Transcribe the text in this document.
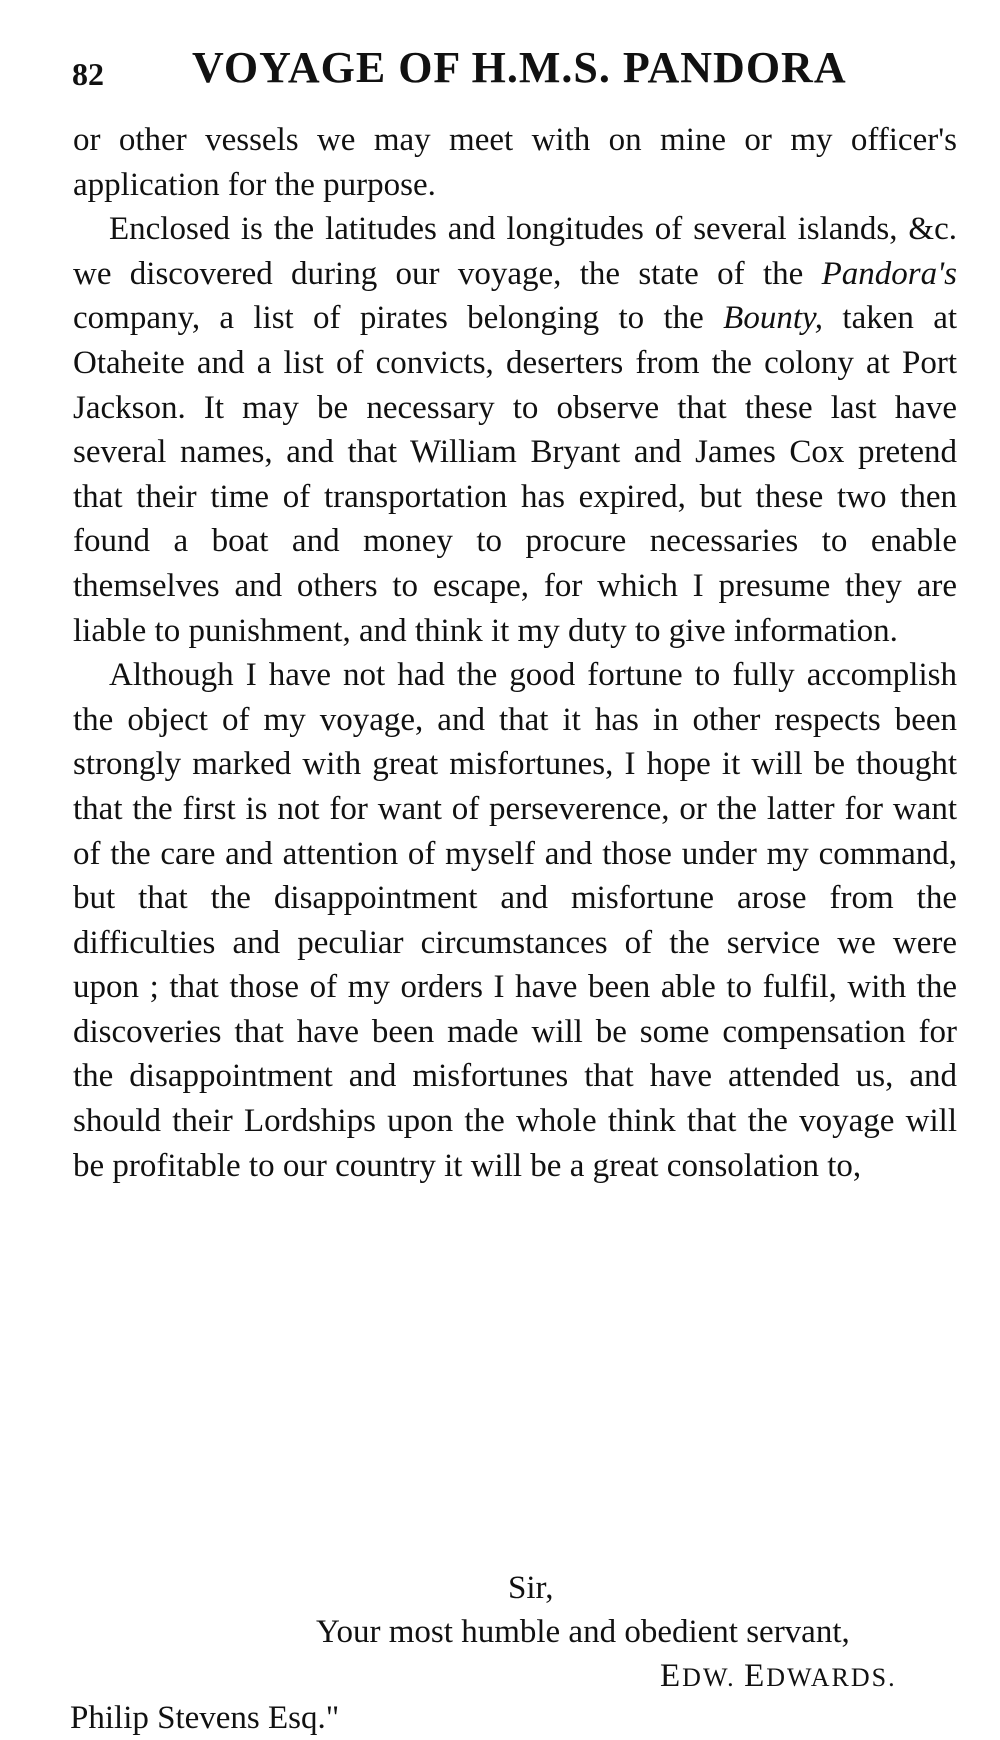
82 VOYAGE OF H.M.S. PANDORA

or other vessels we may meet with on mine or my officer's application for the purpose.

Enclosed is the latitudes and longitudes of several islands, &c. we discovered during our voyage, the state of the Pandora's company, a list of pirates belonging to the Bounty, taken at Otaheite and a list of convicts, deserters from the colony at Port Jackson. It may be necessary to observe that these last have several names, and that William Bryant and James Cox pretend that their time of transportation has expired, but these two then found a boat and money to procure necessaries to enable themselves and others to escape, for which I presume they are liable to punishment, and think it my duty to give information.

Although I have not had the good fortune to fully accomplish the object of my voyage, and that it has in other respects been strongly marked with great misfortunes, I hope it will be thought that the first is not for want of perseverence, or the latter for want of the care and attention of myself and those under my command, but that the disappointment and misfortune arose from the difficulties and peculiar circumstances of the service we were upon ; that those of my orders I have been able to fulfil, with the discoveries that have been made will be some compensation for the disappointment and misfortunes that have attended us, and should their Lordships upon the whole think that the voyage will be profitable to our country it will be a great consolation to,

Sir,
Your most humble and obedient servant,
EDW. EDWARDS.
Philip Stevens Esq."
